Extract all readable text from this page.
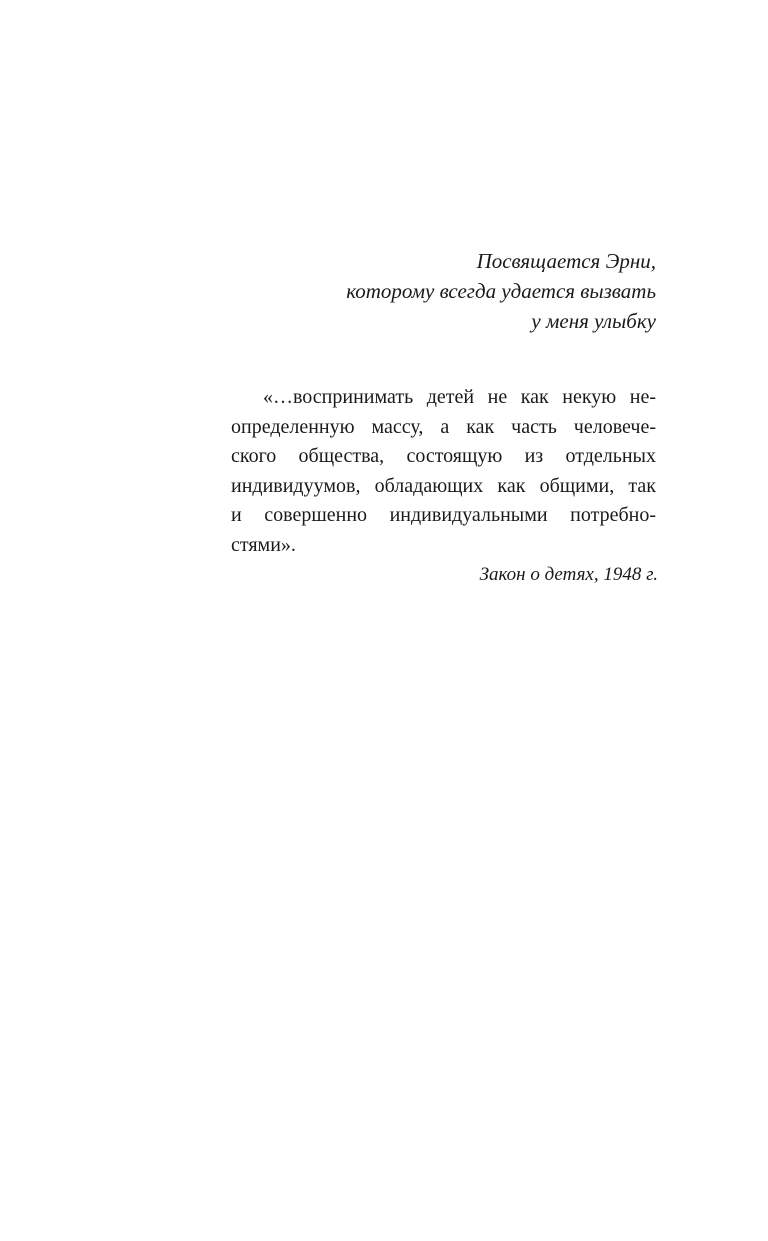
Посвящается Эрни,
которому всегда удается вызвать
у меня улыбку
«…воспринимать детей не как некую не-
определенную массу, а как часть человече-
ского общества, состоящую из отдельных
индивидуумов, обладающих как общими, так
и совершенно индивидуальными потребно-
стями».
Закон о детях, 1948 г.
